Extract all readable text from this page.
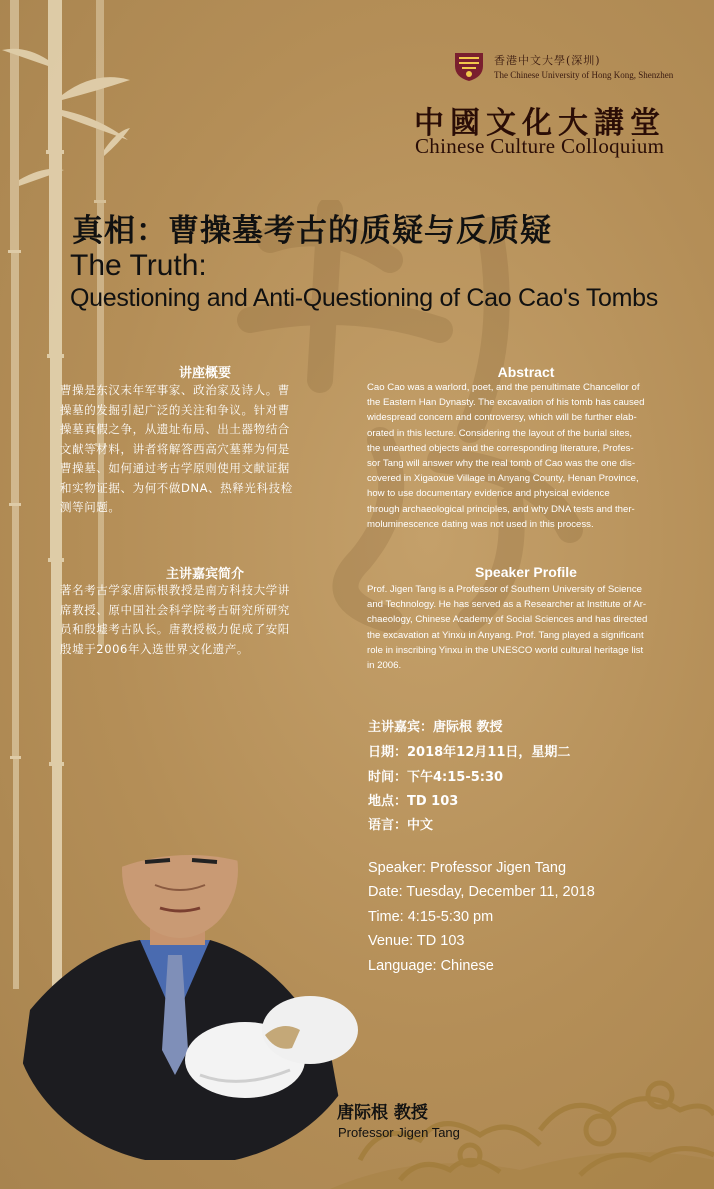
香港中文大學(深圳)
The Chinese University of Hong Kong, Shenzhen
中國文化大講堂
Chinese Culture Colloquium
真相：曹操墓考古的质疑与反质疑
The Truth:
Questioning and Anti-Questioning of Cao Cao's Tombs
讲座概要
曹操是东汉末年军事家、政治家及诗人。曹
操墓的发掘引起广泛的关注和争议。针对曹
操墓真假之争，从遗址布局、出土器物结合
文献等材料，讲者将解答西高穴墓葬为何是
曹操墓、如何通过考古学原则使用文献证据
和实物证据、为何不做DNA、热释光科技检
测等问题。
主讲嘉宾简介
著名考古学家唐际根教授是南方科技大学讲
席教授、原中国社会科学院考古研究所研究
员和殷墟考古队长。唐教授极力促成了安阳
殷墟于2006年入选世界文化遗产。
Abstract
Cao Cao was a warlord, poet, and the penultimate Chancellor of
the Eastern Han Dynasty. The excavation of his tomb has caused
widespread concern and controversy, which will be further elab-
orated in this lecture. Considering the layout of the burial sites,
the unearthed objects and the corresponding literature, Profes-
sor Tang will answer why the real tomb of Cao was the one dis-
covered in Xigaoxue Village in Anyang County, Henan Province,
how to use documentary evidence and physical evidence
through archaeological principles, and why DNA tests and ther-
moluminescence dating was not used in this process.
Speaker Profile
Prof. Jigen Tang is a Professor of Southern University of Science
and Technology. He has served as a Researcher at Institute of Ar-
chaeology, Chinese Academy of Social Sciences and has directed
the excavation at Yinxu in Anyang. Prof. Tang played a significant
role in inscribing Yinxu in the UNESCO world cultural heritage list
in 2006.
主讲嘉宾：唐际根 教授
日期：2018年12月11日，星期二
时间：下午4:15-5:30
地点：TD 103
语言：中文
Speaker: Professor Jigen Tang
Date: Tuesday, December 11, 2018
Time: 4:15-5:30 pm
Venue: TD 103
Language: Chinese
唐际根 教授
Professor Jigen Tang
